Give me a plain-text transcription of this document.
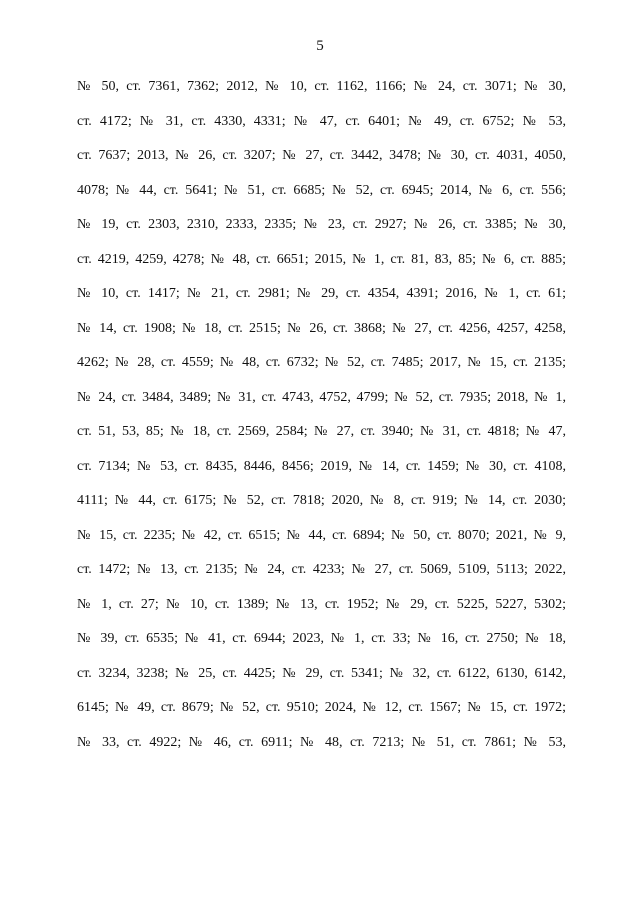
5
№ 50, ст. 7361, 7362; 2012, № 10, ст. 1162, 1166; № 24, ст. 3071; № 30,
ст. 4172; № 31, ст. 4330, 4331; № 47, ст. 6401; № 49, ст. 6752; № 53,
ст. 7637; 2013, № 26, ст. 3207; № 27, ст. 3442, 3478; № 30, ст. 4031, 4050,
4078; № 44, ст. 5641; № 51, ст. 6685; № 52, ст. 6945; 2014, № 6, ст. 556;
№ 19, ст. 2303, 2310, 2333, 2335; № 23, ст. 2927; № 26, ст. 3385; № 30,
ст. 4219, 4259, 4278; № 48, ст. 6651; 2015, № 1, ст. 81, 83, 85; № 6, ст. 885;
№ 10, ст. 1417; № 21, ст. 2981; № 29, ст. 4354, 4391; 2016, № 1, ст. 61;
№ 14, ст. 1908; № 18, ст. 2515; № 26, ст. 3868; № 27, ст. 4256, 4257, 4258,
4262; № 28, ст. 4559; № 48, ст. 6732; № 52, ст. 7485; 2017, № 15, ст. 2135;
№ 24, ст. 3484, 3489; № 31, ст. 4743, 4752, 4799; № 52, ст. 7935; 2018, № 1,
ст. 51, 53, 85; № 18, ст. 2569, 2584; № 27, ст. 3940; № 31, ст. 4818; № 47,
ст. 7134; № 53, ст. 8435, 8446, 8456; 2019, № 14, ст. 1459; № 30, ст. 4108,
4111; № 44, ст. 6175; № 52, ст. 7818; 2020, № 8, ст. 919; № 14, ст. 2030;
№ 15, ст. 2235; № 42, ст. 6515; № 44, ст. 6894; № 50, ст. 8070; 2021, № 9,
ст. 1472; № 13, ст. 2135; № 24, ст. 4233; № 27, ст. 5069, 5109, 5113; 2022,
№ 1, ст. 27; № 10, ст. 1389; № 13, ст. 1952; № 29, ст. 5225, 5227, 5302;
№ 39, ст. 6535; № 41, ст. 6944; 2023, № 1, ст. 33; № 16, ст. 2750; № 18,
ст. 3234, 3238; № 25, ст. 4425; № 29, ст. 5341; № 32, ст. 6122, 6130, 6142,
6145; № 49, ст. 8679; № 52, ст. 9510; 2024, № 12, ст. 1567; № 15, ст. 1972;
№ 33, ст. 4922; № 46, ст. 6911; № 48, ст. 7213; № 51, ст. 7861; № 53,
